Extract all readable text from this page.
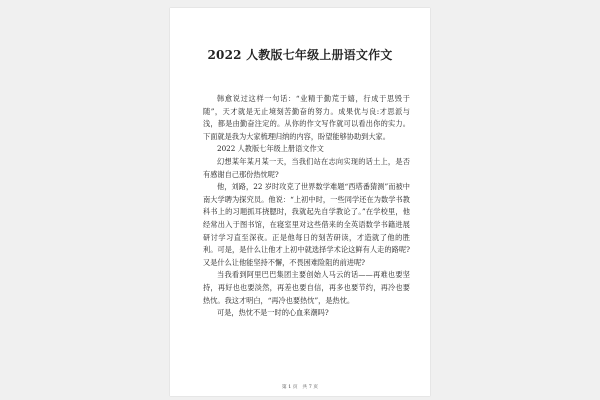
2022 人教版七年级上册语文作文

韩愈说过这样一句话：“业精于勤荒于嬉，行成于思毁于随”，天才就是无止境刻苦勤奋的努力。成果优与良:才思派与浅，都是由勤奋注定的。从你的作文写作就可以看出你的实力。下面就是我为大家梳理归纳的内容，盼望能够协助到大家。

2022 人教版七年级上册语文作文

幻想某年某月某一天，当我们站在志向实现的话土上，是否有感谢自己那份热忱呢?

他，刘路，22 岁时攻克了世界数学难题“西塔番猜测”而被中南大学聘为探究员。他说：“上初中时，一些同学还在为数学书教科书上的习题抓耳挠腮时，我就起先自学教论了。”在学校里，他经常出入于图书馆，在寝室里对这些借来的全英语数学书籍进展研讨学习直至深夜。正是他每日的刻苦研读，才造就了他的胜利。可是，是什么让他才上初中就选择学术论这鲜有人走的路呢?又是什么让他能坚持不懈，不畏困难险阻的前进呢?

当我看到阿里巴巴集团主要创始人马云的话——再难也要坚持，再好也也要淡然，再差也要自信，再多也要节约，再冷也要热忱。我这才明白，“再冷也要热忱”，是热忱。

可是，热忱不是一时的心血来潮吗?

第 1 页　共 7 页
